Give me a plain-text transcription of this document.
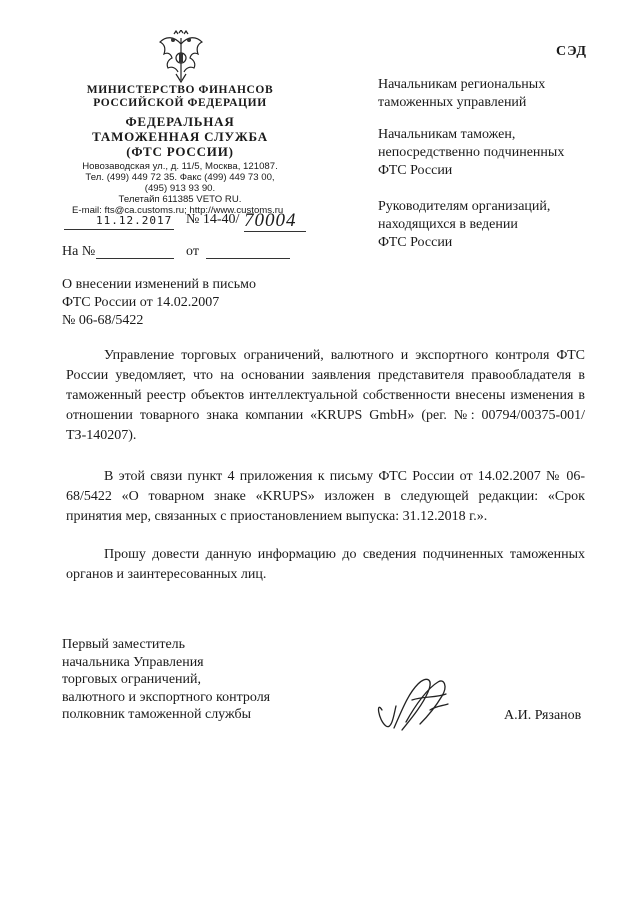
МИНИСТЕРСТВО ФИНАНСОВ
РОССИЙСКОЙ ФЕДЕРАЦИИ
ФЕДЕРАЛЬНАЯ
ТАМОЖЕННАЯ СЛУЖБА
(ФТС РОССИИ)
Новозаводская ул., д. 11/5, Москва, 121087.
Тел. (499) 449 72 35. Факс (499) 449 73 00,
(495) 913 93 90.
Телетайп 611385 VETO RU.
E-mail: fts@ca.customs.ru; http://www.customs.ru
11.12.2017 № 14-40/ 70004
На №	от
СЭД
Начальникам региональных
таможенных управлений
Начальникам таможен,
непосредственно подчиненных
ФТС России
Руководителям организаций,
находящихся в ведении
ФТС России
О внесении изменений в письмо
ФТС России от 14.02.2007
№ 06-68/5422

Управление торговых ограничений, валютного и экспортного контроля ФТС России уведомляет, что на основании заявления представителя правообладателя в таможенный реестр объектов интеллектуальной собственности внесены изменения в отношении товарного знака компании «KRUPS GmbH» (рег. №: 00794/00375-001/ТЗ-140207).

В этой связи пункт 4 приложения к письму ФТС России от 14.02.2007 № 06-68/5422 «О товарном знаке «KRUPS» изложен в следующей редакции: «Срок принятия мер, связанных с приостановлением выпуска: 31.12.2018 г.».

Прошу довести данную информацию до сведения подчиненных таможенных органов и заинтересованных лиц.

Первый заместитель
начальника Управления
торговых ограничений,
валютного и экспортного контроля
полковник таможенной службы	А.И. Рязанов
